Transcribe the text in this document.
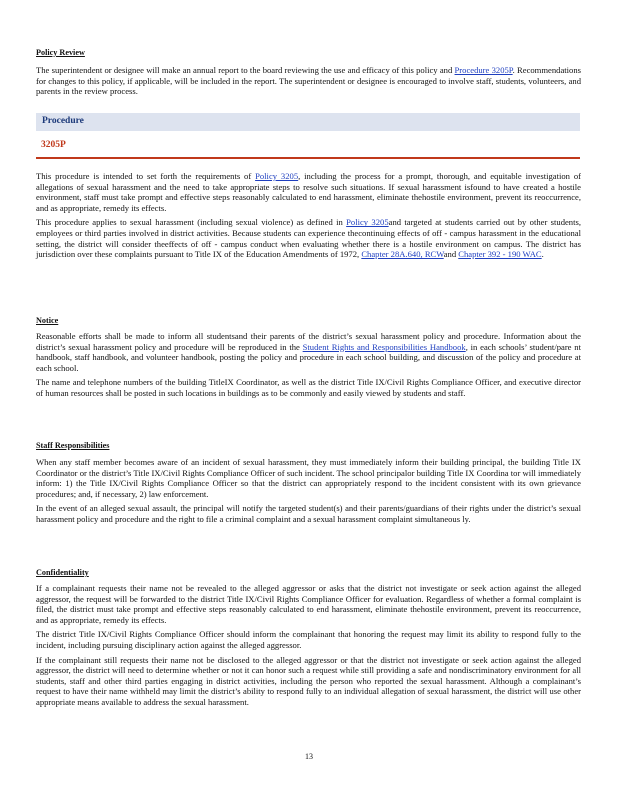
Procedure
3205P
Policy Review

The superintendent or designee will make an annual report to the board reviewing the use and efficacy of this policy and Procedure 3205P. Recommendations for changes to this policy, if applicable, will be included in the report. The superintendent or designee is encouraged to involve staff, students, volunteers, and parents in the review process.

This procedure is intended to set forth the requirements of Policy 3205, including the process for a prompt, thorough, and equitable investigation of allegations of sexual harassment and the need to take appropriate steps to resolve such situations. If sexual harassment isfound to have created a hostile environment, staff must take prompt and effective steps reasonably calculated to end harassment, eliminate thehostile environment, prevent its reoccurrence, and as appropriate, remedy its effects.

This procedure applies to sexual harassment (including sexual violence) as defined in Policy 3205and targeted at students carried out by other students, employees or third parties involved in district activities. Because students can experience thecontinuing effects of off - campus harassment in the educational setting, the district will consider theeffects of off - campus conduct when evaluating whether there is a hostile environment on campus. The district has jurisdiction over these complaints pursuant to Title IX of the Education Amendments of 1972, Chapter 28A.640, RCWand Chapter 392 - 190 WAC.

Notice

Reasonable efforts shall be made to inform all studentsand their parents of the district’s sexual harassment policy and procedure. Information about the district’s sexual harassment policy and procedure will be reproduced in the Student Rights and Responsibilities Handbook, in each schools’ student/pare nt handbook, staff handbook, and volunteer handbook, posting the policy and procedure in each school building, and discussion of the policy and procedure at each school.

The name and telephone numbers of the building TitleIX Coordinator, as well as the district Title IX/Civil Rights Compliance Officer, and executive director of human resources shall be posted in such locations in buildings as to be commonly and easily viewed by students and staff.

Staff Responsibilities

When any staff member becomes aware of an incident of sexual harassment, they must immediately inform their building principal, the building Title IX Coordinator or the district’s Title IX/Civil Rights Compliance Officer of such incident. The school principalor building Title IX Coordina tor will immediately inform: 1) the Title IX/Civil Rights Compliance Officer so that the district can appropriately respond to the incident consistent with its own grievance procedures; and, if necessary, 2) law enforcement.

In the event of an alleged sexual assault, the principal will notify the targeted student(s) and their parents/guardians of their rights under the district’s sexual harassment policy and procedure and the right to file a criminal complaint and a sexual harassment complaint simultaneous ly.

Confidentiality

If a complainant requests their name not be revealed to the alleged aggressor or asks that the district not investigate or seek action against the alleged aggressor, the request will be forwarded to the district Title IX/Civil Rights Compliance Officer for evaluation. Regardless of whether a formal complaint is filed, the district must take prompt and effective steps reasonably calculated to end harassment, eliminate thehostile environment, prevent its reoccurrence, and as appropriate, remedy its effects.

The district Title IX/Civil Rights Compliance Officer should inform the complainant that honoring the request may limit its ability to respond fully to the incident, including pursuing disciplinary action against the alleged aggressor.

If the complainant still requests their name not be disclosed to the alleged aggressor or that the district not investigate or seek action against the alleged aggressor, the district will need to determine whether or not it can honor such a request while still providing a safe and nondiscriminatory environment for all students, staff and other third parties engaging in district activities, including the person who reported the sexual harassment. Although a complainant’s request to have their name withheld may limit the district’s ability to respond fully to an individual allegation of sexual harassment, the district will use other appropriate means available to address the sexual harassment.

13
